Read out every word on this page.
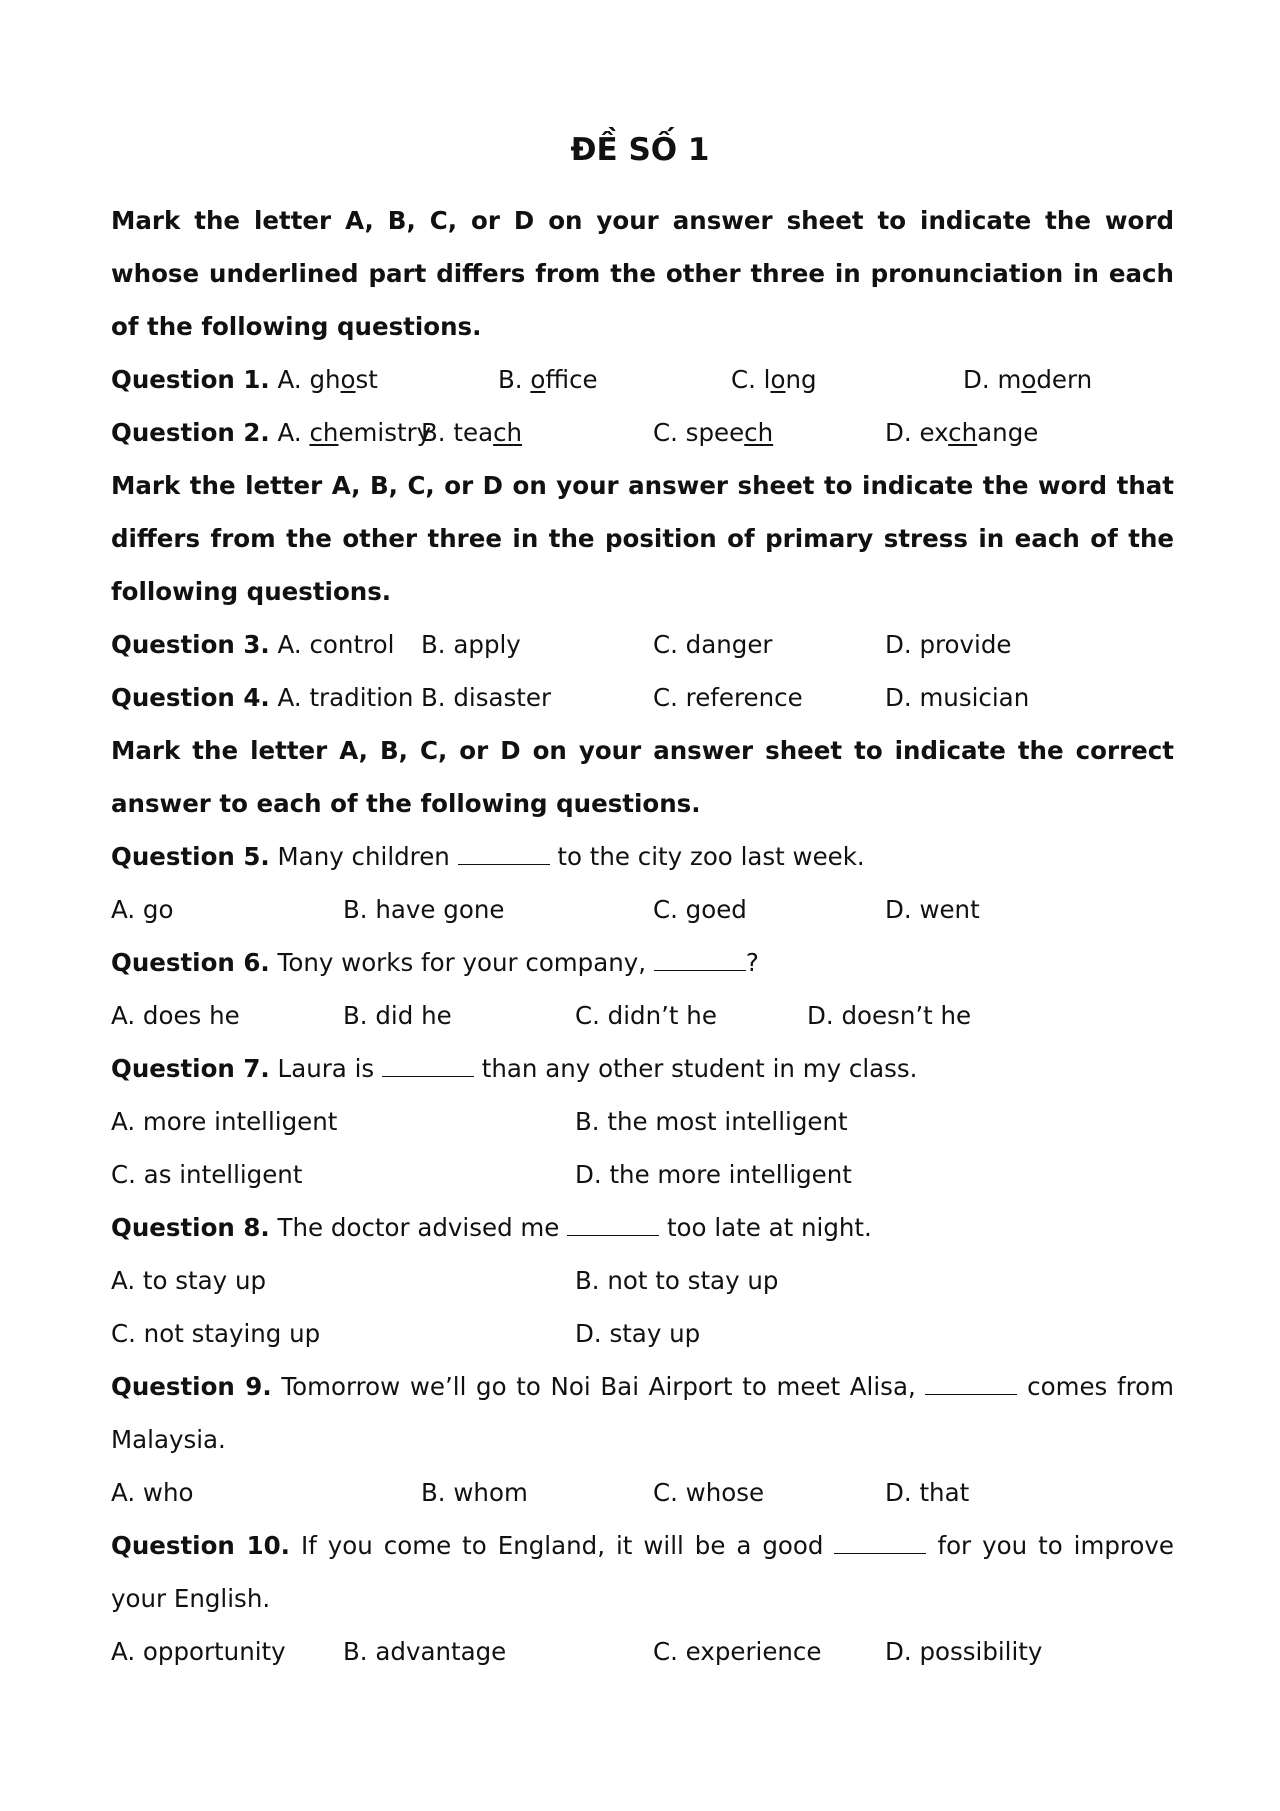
ĐỀ SỐ 1
Mark the letter A, B, C, or D on your answer sheet to indicate the word whose underlined part differs from the other three in pronunciation in each of the following questions.
Question 1. A. ghost	B. office	C. long	D. modern
Question 2. A. chemistry
B. teach	C. speech	D. exchange
Mark the letter A, B, C, or D on your answer sheet to indicate the word that differs from the other three in the position of primary stress in each of the following questions.
Question 3. A. control B. apply	C. danger	D. provide
Question 4. A. tradition B. disaster	C. reference	D. musician
Mark the letter A, B, C, or D on your answer sheet to indicate the correct answer to each of the following questions.
Question 5. Many children	to the city zoo last week.
A. go	B. have gone	C. goed	D. went
Question 6. Tony works for your company,	?
A. does he	B. did he	C. didn’t he	D. doesn’t he
Question 7. Laura is	than any other student in my class.
A. more intelligent	B. the most intelligent
C. as intelligent	D. the more intelligent
Question 8. The doctor advised me	too late at night.
A. to stay up	B. not to stay up
C. not staying up	D. stay up
Question 9. Tomorrow we’ll go to Noi Bai Airport to meet Alisa,	comes from Malaysia.
A. who	B. whom	C. whose	D. that
Question 10. If you come to England, it will be a good	for you to improve your English.
A. opportunity B. advantage	C. experience	D. possibility
